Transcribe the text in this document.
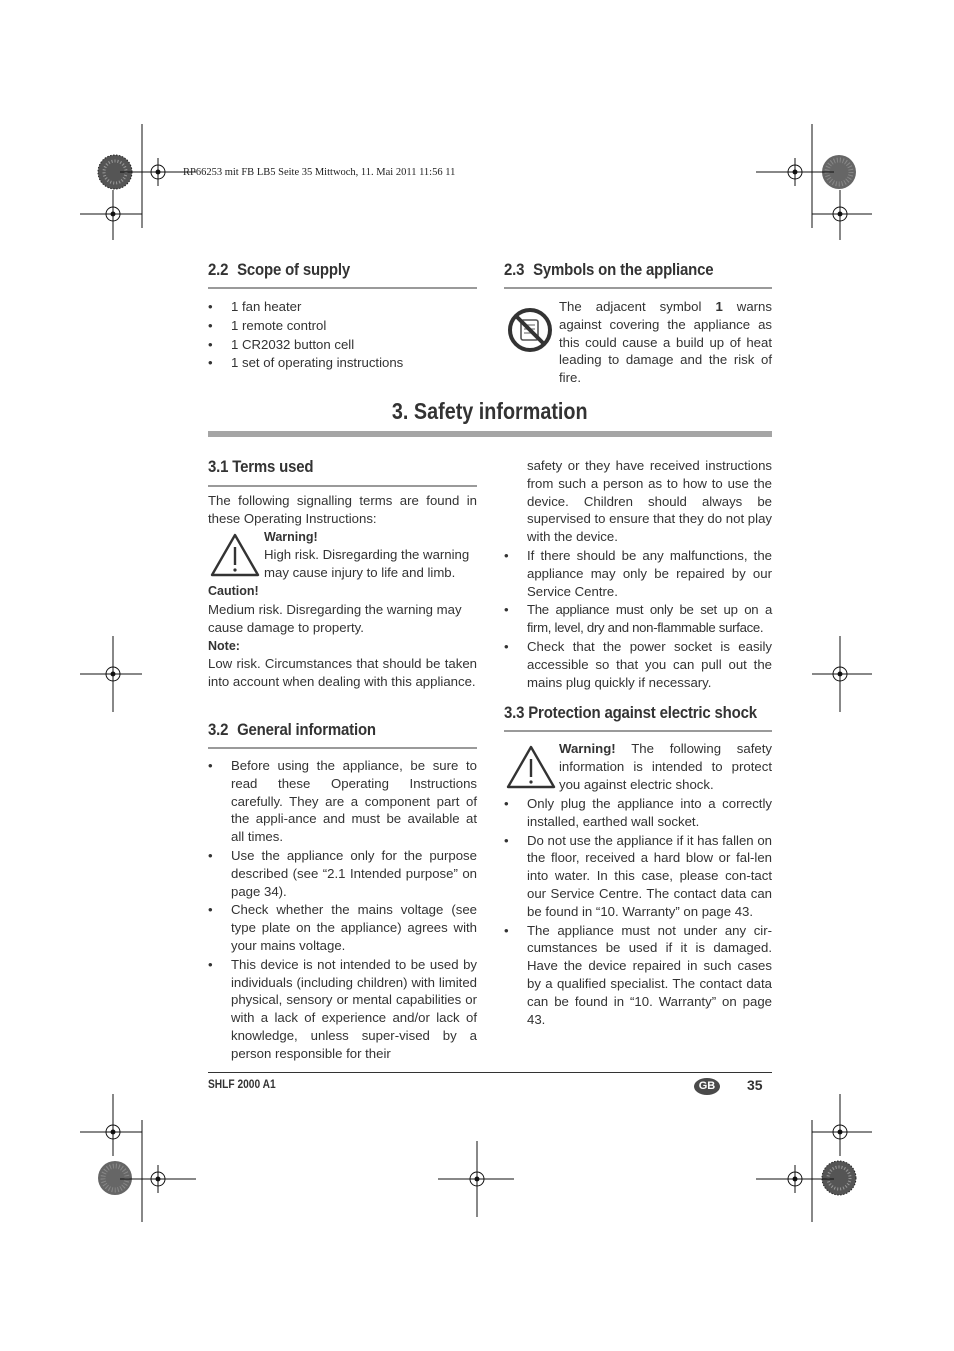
RP66253 mit FB LB5 Seite 35 Mittwoch, 11. Mai 2011 11:56 11
2.2 Scope of supply
• 1 fan heater
• 1 remote control
• 1 CR2032 button cell
• 1 set of operating instructions
2.3 Symbols on the appliance

The adjacent symbol 1 warns against covering the appliance as this could cause a build up of heat leading to damage and the risk of fire.

3. Safety information
3.1 Terms used

The following signalling terms are found in these Operating Instructions:

Warning!

High risk. Disregarding the warning may cause injury to life and limb.

Caution!

Medium risk. Disregarding the warning may cause damage to property.

Note:

Low risk. Circumstances that should be taken into account when dealing with this appliance.

3.2 General information
• Before using the appliance, be sure to read these Operating Instructions carefully. They are a component part of the appli-ance and must be available at all times.
• Use the appliance only for the purpose described (see “2.1 Intended purpose” on page 34).
• Check whether the mains voltage (see type plate on the appliance) agrees with your mains voltage.
• This device is not intended to be used by individuals (including children) with limited physical, sensory or mental capabilities or with a lack of experience and/or lack of knowledge, unless super-vised by a person responsible for their

safety or they have received instructions from such a person as to how to use the device. Children should always be supervised to ensure that they do not play with the device.

• If there should be any malfunctions, the appliance may only be repaired by our Service Centre.
• The appliance must only be set up on a firm, level, dry and non-flammable surface.
• Check that the power socket is easily accessible so that you can pull out the mains plug quickly if necessary.
3.3 Protection against electric shock

Warning! The following safety information is intended to protect you against electric shock.

• Only plug the appliance into a correctly installed, earthed wall socket.
• Do not use the appliance if it has fallen on the floor, received a hard blow or fal-len into water. In this case, please con-tact our Service Centre. The contact data can be found in “10. Warranty” on page 43.
• The appliance must not under any cir-cumstances be used if it is damaged. Have the device repaired in such cases by a qualified specialist. The contact data can be found in “10. Warranty” on page 43.
SHLF 2000 A1	GB	35
